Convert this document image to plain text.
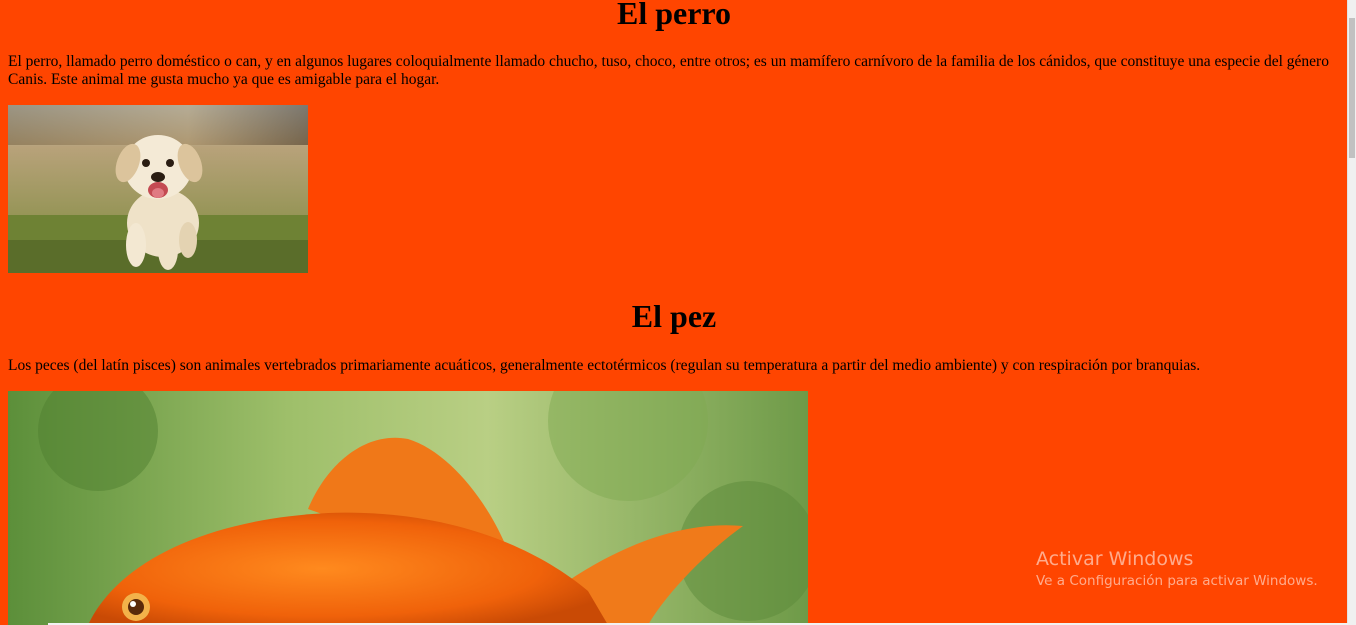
El perro

El perro, llamado perro doméstico o can, y en algunos lugares coloquialmente llamado chucho, tuso, choco, entre otros; es un mamífero carnívoro de la familia de los cánidos, que constituye una especie del género Canis. Este animal me gusta mucho ya que es amigable para el hogar.

El pez

Los peces (del latín pisces) son animales vertebrados primariamente acuáticos, generalmente ectotérmicos (regulan su temperatura a partir del medio ambiente) y con respiración por branquias.

Activar Windows
Ve a Configuración para activar Windows.
